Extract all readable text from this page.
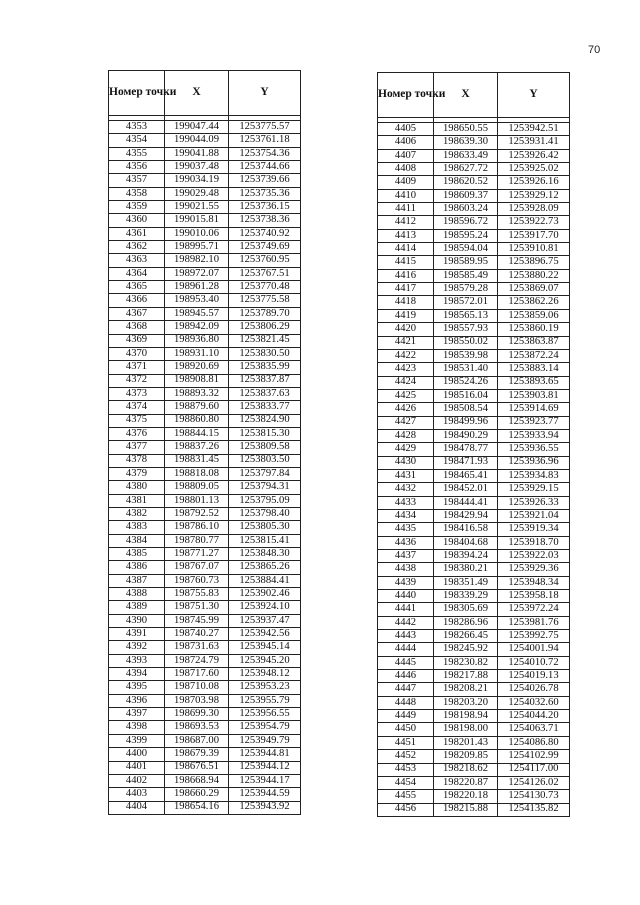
70
Номер точки	X	Y

4353	199047.44	1253775.57
4354	199044.09	1253761.18
4355	199041.88	1253754.36
4356	199037.48	1253744.66
4357	199034.19	1253739.66
4358	199029.48	1253735.36
4359	199021.55	1253736.15
4360	199015.81	1253738.36
4361	199010.06	1253740.92
4362	198995.71	1253749.69
4363	198982.10	1253760.95
4364	198972.07	1253767.51
4365	198961.28	1253770.48
4366	198953.40	1253775.58
4367	198945.57	1253789.70
4368	198942.09	1253806.29
4369	198936.80	1253821.45
4370	198931.10	1253830.50
4371	198920.69	1253835.99
4372	198908.81	1253837.87
4373	198893.32	1253837.63
4374	198879.60	1253833.77
4375	198860.80	1253824.90
4376	198844.15	1253815.30
4377	198837.26	1253809.58
4378	198831.45	1253803.50
4379	198818.08	1253797.84
4380	198809.05	1253794.31
4381	198801.13	1253795.09
4382	198792.52	1253798.40
4383	198786.10	1253805.30
4384	198780.77	1253815.41
4385	198771.27	1253848.30
4386	198767.07	1253865.26
4387	198760.73	1253884.41
4388	198755.83	1253902.46
4389	198751.30	1253924.10
4390	198745.99	1253937.47
4391	198740.27	1253942.56
4392	198731.63	1253945.14
4393	198724.79	1253945.20
4394	198717.60	1253948.12
4395	198710.08	1253953.23
4396	198703.98	1253955.79
4397	198699.30	1253956.55
4398	198693.53	1253954.79
4399	198687.00	1253949.79
4400	198679.39	1253944.81
4401	198676.51	1253944.12
4402	198668.94	1253944.17
4403	198660.29	1253944.59
4404	198654.16	1253943.92
Номер точки	X	Y

4405	198650.55	1253942.51
4406	198639.30	1253931.41
4407	198633.49	1253926.42
4408	198627.72	1253925.02
4409	198620.52	1253926.16
4410	198609.37	1253929.12
4411	198603.24	1253928.09
4412	198596.72	1253922.73
4413	198595.24	1253917.70
4414	198594.04	1253910.81
4415	198589.95	1253896.75
4416	198585.49	1253880.22
4417	198579.28	1253869.07
4418	198572.01	1253862.26
4419	198565.13	1253859.06
4420	198557.93	1253860.19
4421	198550.02	1253863.87
4422	198539.98	1253872.24
4423	198531.40	1253883.14
4424	198524.26	1253893.65
4425	198516.04	1253903.81
4426	198508.54	1253914.69
4427	198499.96	1253923.77
4428	198490.29	1253933.94
4429	198478.77	1253936.55
4430	198471.93	1253936.96
4431	198465.41	1253934.83
4432	198452.01	1253929.15
4433	198444.41	1253926.33
4434	198429.94	1253921.04
4435	198416.58	1253919.34
4436	198404.68	1253918.70
4437	198394.24	1253922.03
4438	198380.21	1253929.36
4439	198351.49	1253948.34
4440	198339.29	1253958.18
4441	198305.69	1253972.24
4442	198286.96	1253981.76
4443	198266.45	1253992.75
4444	198245.92	1254001.94
4445	198230.82	1254010.72
4446	198217.88	1254019.13
4447	198208.21	1254026.78
4448	198203.20	1254032.60
4449	198198.94	1254044.20
4450	198198.00	1254063.71
4451	198201.43	1254086.80
4452	198209.85	1254102.99
4453	198218.62	1254117.00
4454	198220.87	1254126.02
4455	198220.18	1254130.73
4456	198215.88	1254135.82
